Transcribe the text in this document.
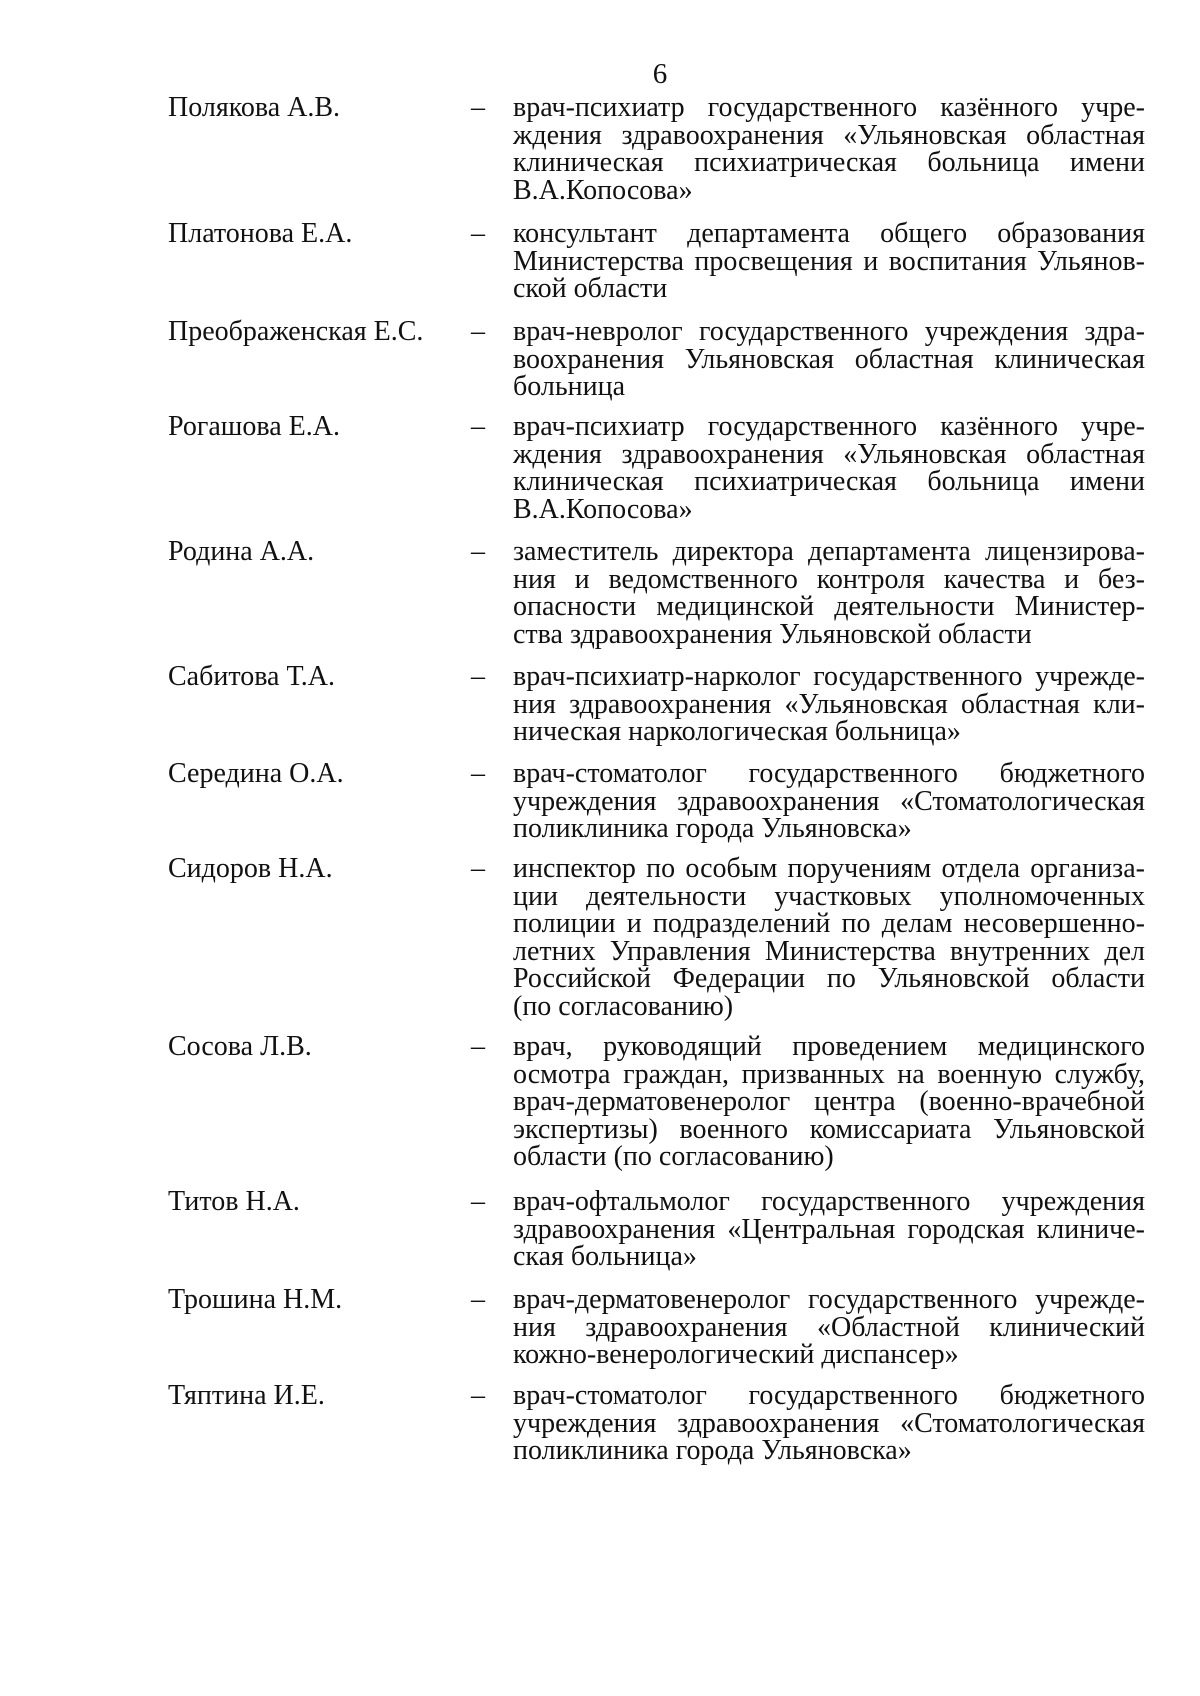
6
Полякова А.В.	–	врач-психиатр государственного казённого учре-
ждения здравоохранения «Ульяновская областная
клиническая психиатрическая больница имени
В.А.Копосова»
Платонова Е.А.	–	консультант департамента общего образования
Министерства просвещения и воспитания Ульянов-
ской области
Преображенская Е.С.	–	врач-невролог государственного учреждения здра-
воохранения Ульяновская областная клиническая
больница
Рогашова Е.А.	–	врач-психиатр государственного казённого учре-
ждения здравоохранения «Ульяновская областная
клиническая психиатрическая больница имени
В.А.Копосова»
Родина А.А.	–	заместитель директора департамента лицензирова-
ния и ведомственного контроля качества и без-
опасности медицинской деятельности Министер-
ства здравоохранения Ульяновской области
Сабитова Т.А.	–	врач-психиатр-нарколог государственного учрежде-
ния здравоохранения «Ульяновская областная кли-
ническая наркологическая больница»
Середина О.А.	–	врач-стоматолог государственного бюджетного
учреждения здравоохранения «Стоматологическая
поликлиника города Ульяновска»
Сидоров Н.А.	–	инспектор по особым поручениям отдела организа-
ции деятельности участковых уполномоченных
полиции и подразделений по делам несовершенно-
летних Управления Министерства внутренних дел
Российской Федерации по Ульяновской области
(по согласованию)
Сосова Л.В.	–	врач, руководящий проведением медицинского
осмотра граждан, призванных на военную службу,
врач-дерматовенеролог центра (военно-врачебной
экспертизы) военного комиссариата Ульяновской
области (по согласованию)
Титов Н.А.	–	врач-офтальмолог государственного учреждения
здравоохранения «Центральная городская клиниче-
ская больница»
Трошина Н.М.	–	врач-дерматовенеролог государственного учрежде-
ния здравоохранения «Областной клинический
кожно-венерологический диспансер»
Тяптина И.Е.	–	врач-стоматолог государственного бюджетного
учреждения здравоохранения «Стоматологическая
поликлиника города Ульяновска»
